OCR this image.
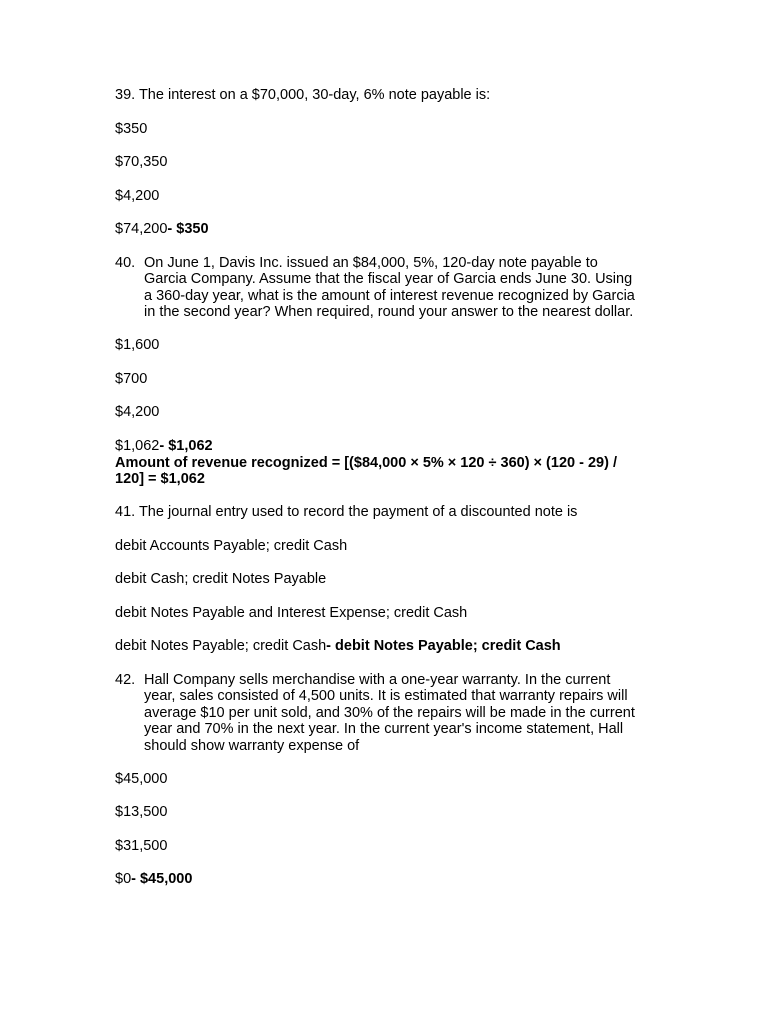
39. The interest on a $70,000, 30-day, 6% note payable is:
$350
$70,350
$4,200
$74,200- $350
40. On June 1, Davis Inc. issued an $84,000, 5%, 120-day note payable to Garcia Company. Assume that the fiscal year of Garcia ends June 30. Using a 360-day year, what is the amount of interest revenue recognized by Garcia in the second year? When required, round your answer to the nearest dollar.
$1,600
$700
$4,200
$1,062- $1,062
Amount of revenue recognized = [($84,000 × 5% × 120 ÷ 360) × (120 - 29) / 120] = $1,062
41. The journal entry used to record the payment of a discounted note is
debit Accounts Payable; credit Cash
debit Cash; credit Notes Payable
debit Notes Payable and Interest Expense; credit Cash
debit Notes Payable; credit Cash- debit Notes Payable; credit Cash
42. Hall Company sells merchandise with a one-year warranty. In the current year, sales consisted of 4,500 units. It is estimated that warranty repairs will average $10 per unit sold, and 30% of the repairs will be made in the current year and 70% in the next year. In the current year's income statement, Hall should show warranty expense of
$45,000
$13,500
$31,500
$0- $45,000
